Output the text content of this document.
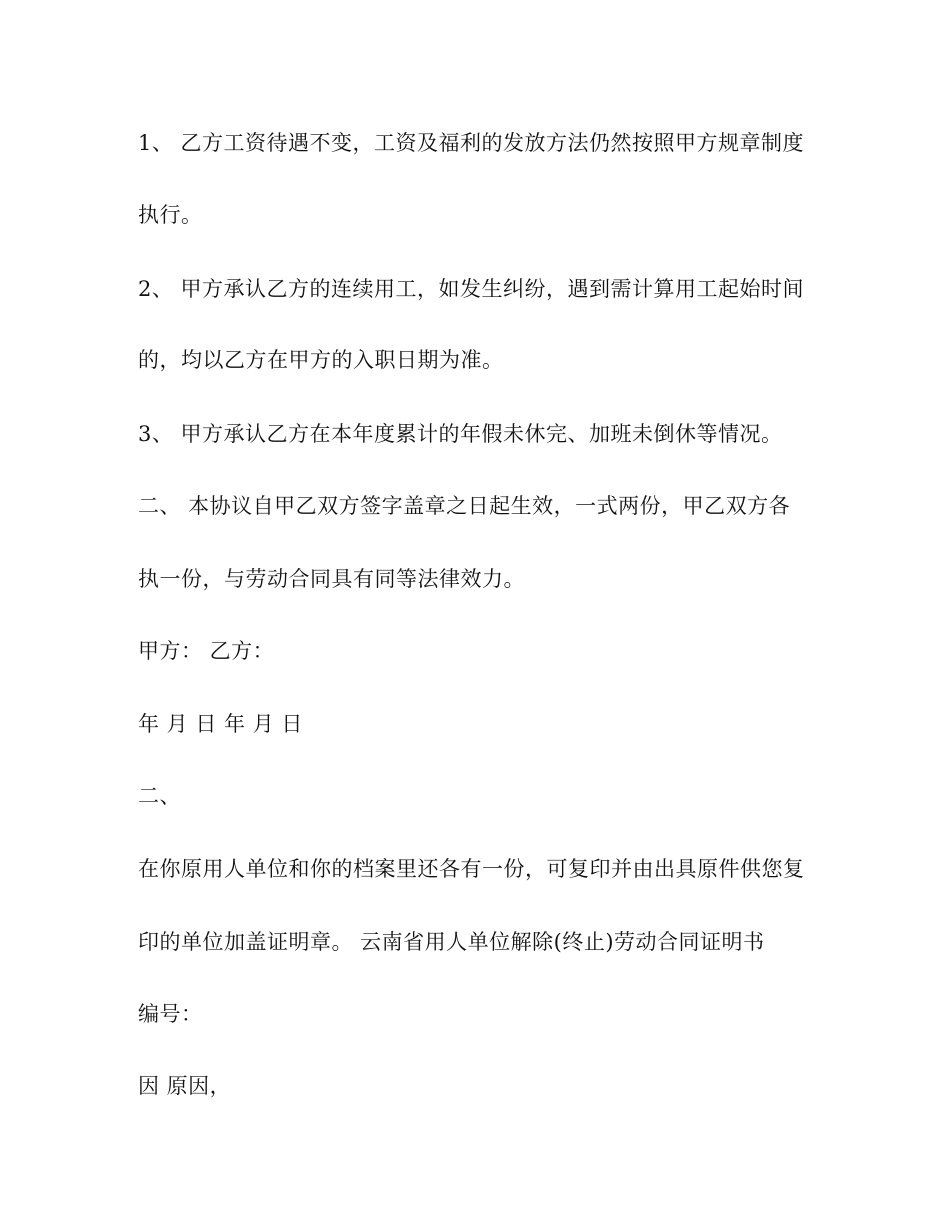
1、 乙方工资待遇不变，工资及福利的发放方法仍然按照甲方规章制度
执行。
2、 甲方承认乙方的连续用工，如发生纠纷，遇到需计算用工起始时间
的，均以乙方在甲方的入职日期为准。
3、 甲方承认乙方在本年度累计的年假未休完、加班未倒休等情况。
二、 本协议自甲乙双方签字盖章之日起生效，一式两份，甲乙双方各
执一份，与劳动合同具有同等法律效力。
甲方： 乙方：
年 月 日 年 月 日
二、
在你原用人单位和你的档案里还各有一份，可复印并由出具原件供您复
印的单位加盖证明章。 云南省用人单位解除(终止)劳动合同证明书
编号：
因 原因，
